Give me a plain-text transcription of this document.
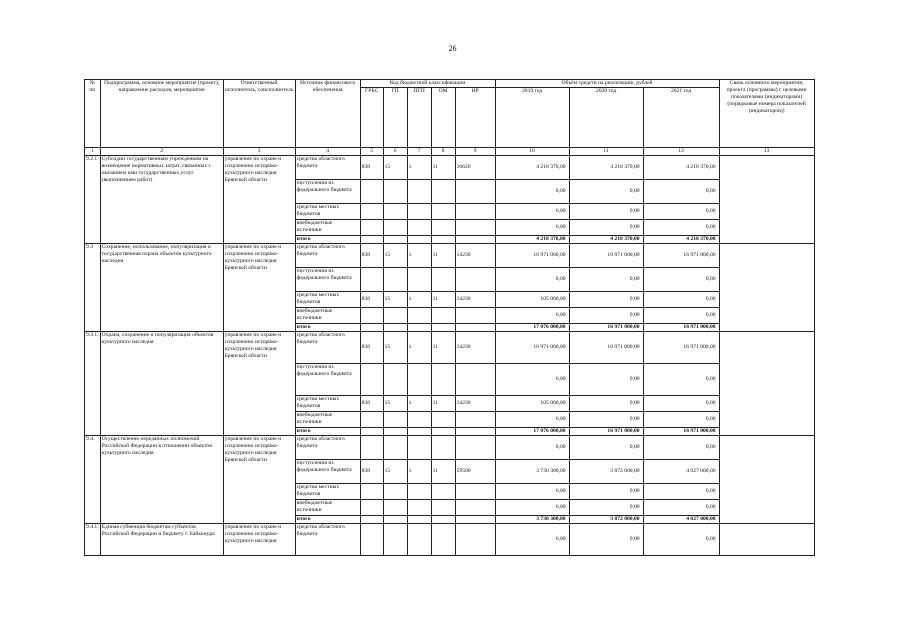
26
№ пп	Подпрограмма, основное мероприятие (проект), направление расходов, мероприятие	Ответственный исполнитель, соисполнитель	Источник финансового обеспечения	Код бюджетной классификации					Объём средств на реализацию, рублей			Связь основного мероприятия, проекта (программы) с целевыми показателями (индикаторами) (порядковые номера показателей (индикаторов))
				ГРБС	ГП	ПГП	ОМ	НР	2019 год	2020 год	2021 год	
1	2	3	4	5	6	7	8	9	10	11	12	13
9.2.1.	Субсидии государственным учреждениям на возмещение нормативных затрат, связанных с оказанием ими государственных услуг (выполнением работ)	управление по охране и сохранению историко-культурного наследия Брянской области	средства областного бюджета	838	15	1	11	10620	4 218 370,00	4 218 370,00	4 218 370,00	
			поступления из федерального бюджета						0,00	0,00	0,00	
			средства местных бюджетов						0,00	0,00	0,00	
			внебюджетные источники						0,00	0,00	0,00	
			итого						4 218 370,00	4 218 370,00	4 218 370,00	
9.3	Сохранение, использование, популяризация и государственная охрана объектов культурного наследия	управление по охране и сохранению историко-культурного наследия Брянской области	средства областного бюджета	838	15	1	11	14230	16 971 000,00	16 971 000,00	16 971 000,00	
			поступления из федерального бюджета						0,00	0,00	0,00	
			средства местных бюджетов	838	15	1	11	14230	105 000,00	0,00	0,00	
			внебюджетные источники						0,00	0,00	0,00	
			итого						17 076 000,00	16 971 000,00	16 971 000,00	
9.3.1.	Охрана, сохранение и популяризация объектов культурного наследия	управление по охране и сохранению историко-культурного наследия Брянской области	средства областного бюджета	838	15	1	11	14230	16 971 000,00	16 971 000,00	16 971 000,00	
			поступления из федерального бюджета						0,00	0,00	0,00	
			средства местных бюджетов	838	15	1	11	14230	105 000,00	0,00	0,00	
			внебюджетные источники						0,00	0,00	0,00	
			итого						17 076 000,00	16 971 000,00	16 971 000,00	
9.4.	Осуществление переданных полномочий Российской Федерации в отношении объектов культурного наследия	управление по охране и сохранению историко-культурного наследия Брянской области	средства областного бюджета						0,00	0,00	0,00	
			поступления из федерального бюджета	838	15	1	11	59500	3 730 300,00	3 872 000,00	4 027 000,00	
			средства местных бюджетов						0,00	0,00	0,00	
			внебюджетные источники						0,00	0,00	0,00	
			итого						3 730 300,00	3 872 000,00	4 027 000,00	
9.4.1.	Единая субвенция бюджетам субъектов Российской Федерации и бюджету г. Байконура	управление по охране и сохранению историко-культурного наследия	средства областного бюджета						0,00	0,00	0,00	
